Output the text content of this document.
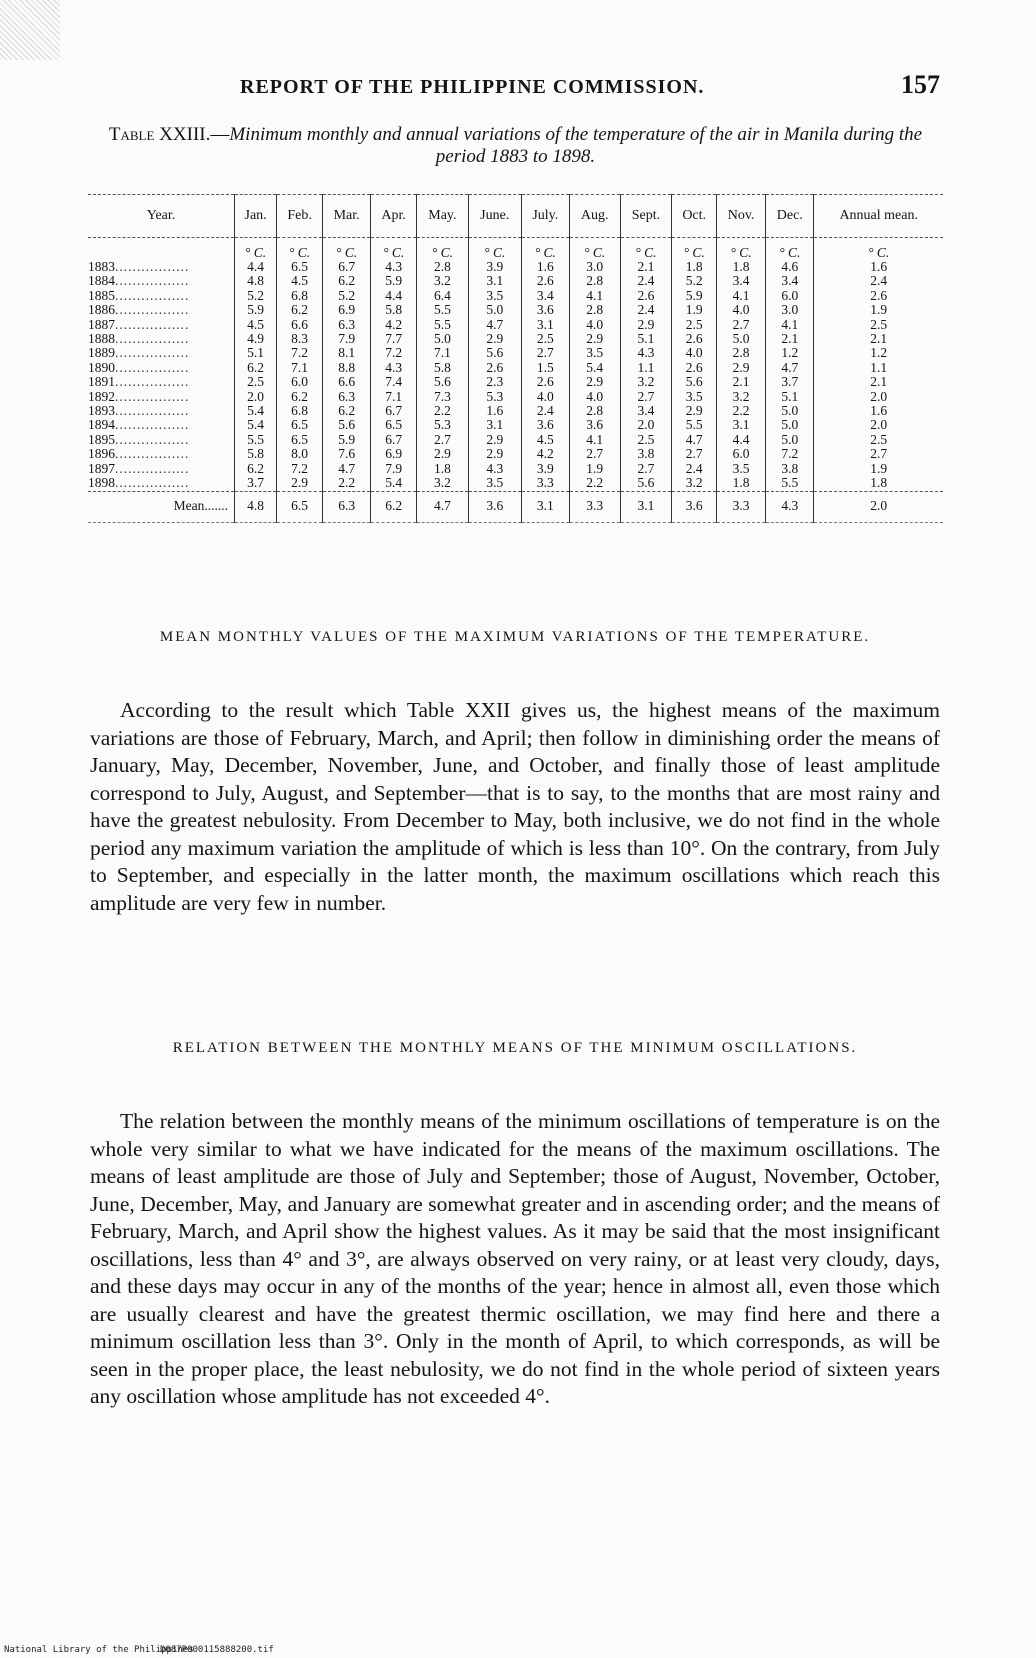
REPORT OF THE PHILIPPINE COMMISSION.	157
Table XXIII.—Minimum monthly and annual variations of the temperature of the air in Manila during the period 1883 to 1898.
Year.	Jan.	Feb.	Mar.	Apr.	May.	June.	July.	Aug.	Sept.	Oct.	Nov.	Dec.	Annual mean.
	° C.	° C.	° C.	° C.	° C.	° C.	° C.	° C.	° C.	° C.	° C.	° C.	° C.
1883.................	4.4	6.5	6.7	4.3	2.8	3.9	1.6	3.0	2.1	1.8	1.8	4.6	1.6
1884.................	4.8	4.5	6.2	5.9	3.2	3.1	2.6	2.8	2.4	5.2	3.4	3.4	2.4
1885.................	5.2	6.8	5.2	4.4	6.4	3.5	3.4	4.1	2.6	5.9	4.1	6.0	2.6
1886.................	5.9	6.2	6.9	5.8	5.5	5.0	3.6	2.8	2.4	1.9	4.0	3.0	1.9
1887.................	4.5	6.6	6.3	4.2	5.5	4.7	3.1	4.0	2.9	2.5	2.7	4.1	2.5
1888.................	4.9	8.3	7.9	7.7	5.0	2.9	2.5	2.9	5.1	2.6	5.0	2.1	2.1
1889.................	5.1	7.2	8.1	7.2	7.1	5.6	2.7	3.5	4.3	4.0	2.8	1.2	1.2
1890.................	6.2	7.1	8.8	4.3	5.8	2.6	1.5	5.4	1.1	2.6	2.9	4.7	1.1
1891.................	2.5	6.0	6.6	7.4	5.6	2.3	2.6	2.9	3.2	5.6	2.1	3.7	2.1
1892.................	2.0	6.2	6.3	7.1	7.3	5.3	4.0	4.0	2.7	3.5	3.2	5.1	2.0
1893.................	5.4	6.8	6.2	6.7	2.2	1.6	2.4	2.8	3.4	2.9	2.2	5.0	1.6
1894.................	5.4	6.5	5.6	6.5	5.3	3.1	3.6	3.6	2.0	5.5	3.1	5.0	2.0
1895.................	5.5	6.5	5.9	6.7	2.7	2.9	4.5	4.1	2.5	4.7	4.4	5.0	2.5
1896.................	5.8	8.0	7.6	6.9	2.9	2.9	4.2	2.7	3.8	2.7	6.0	7.2	2.7
1897.................	6.2	7.2	4.7	7.9	1.8	4.3	3.9	1.9	2.7	2.4	3.5	3.8	1.9
1898.................	3.7	2.9	2.2	5.4	3.2	3.5	3.3	2.2	5.6	3.2	1.8	5.5	1.8
Mean.......	4.8	6.5	6.3	6.2	4.7	3.6	3.1	3.3	3.1	3.6	3.3	4.3	2.0
MEAN MONTHLY VALUES OF THE MAXIMUM VARIATIONS OF THE TEMPERATURE.

According to the result which Table XXII gives us, the highest means of the maximum variations are those of February, March, and April; then follow in diminishing order the means of January, May, December, November, June, and October, and finally those of least amplitude correspond to July, August, and September—that is to say, to the months that are most rainy and have the greatest nebulosity. From December to May, both inclusive, we do not find in the whole period any maximum variation the amplitude of which is less than 10°. On the contrary, from July to September, and especially in the latter month, the maximum oscillations which reach this amplitude are very few in number.

RELATION BETWEEN THE MONTHLY MEANS OF THE MINIMUM OSCILLATIONS.

The relation between the monthly means of the minimum oscillations of temperature is on the whole very similar to what we have indicated for the means of the maximum oscillations. The means of least amplitude are those of July and September; those of August, November, October, June, December, May, and January are somewhat greater and in ascending order; and the means of February, March, and April show the highest values. As it may be said that the most insignificant oscillations, less than 4° and 3°, are always observed on very rainy, or at least very cloudy, days, and these days may occur in any of the months of the year; hence in almost all, even those which are usually clearest and have the greatest thermic oscillation, we may find here and there a minimum oscillation less than 3°. Only in the month of April, to which corresponds, as will be seen in the proper place, the least nebulosity, we do not find in the whole period of sixteen years any oscillation whose amplitude has not exceeded 4°.

National Library of the Philippines
D087P000115888200.tif
